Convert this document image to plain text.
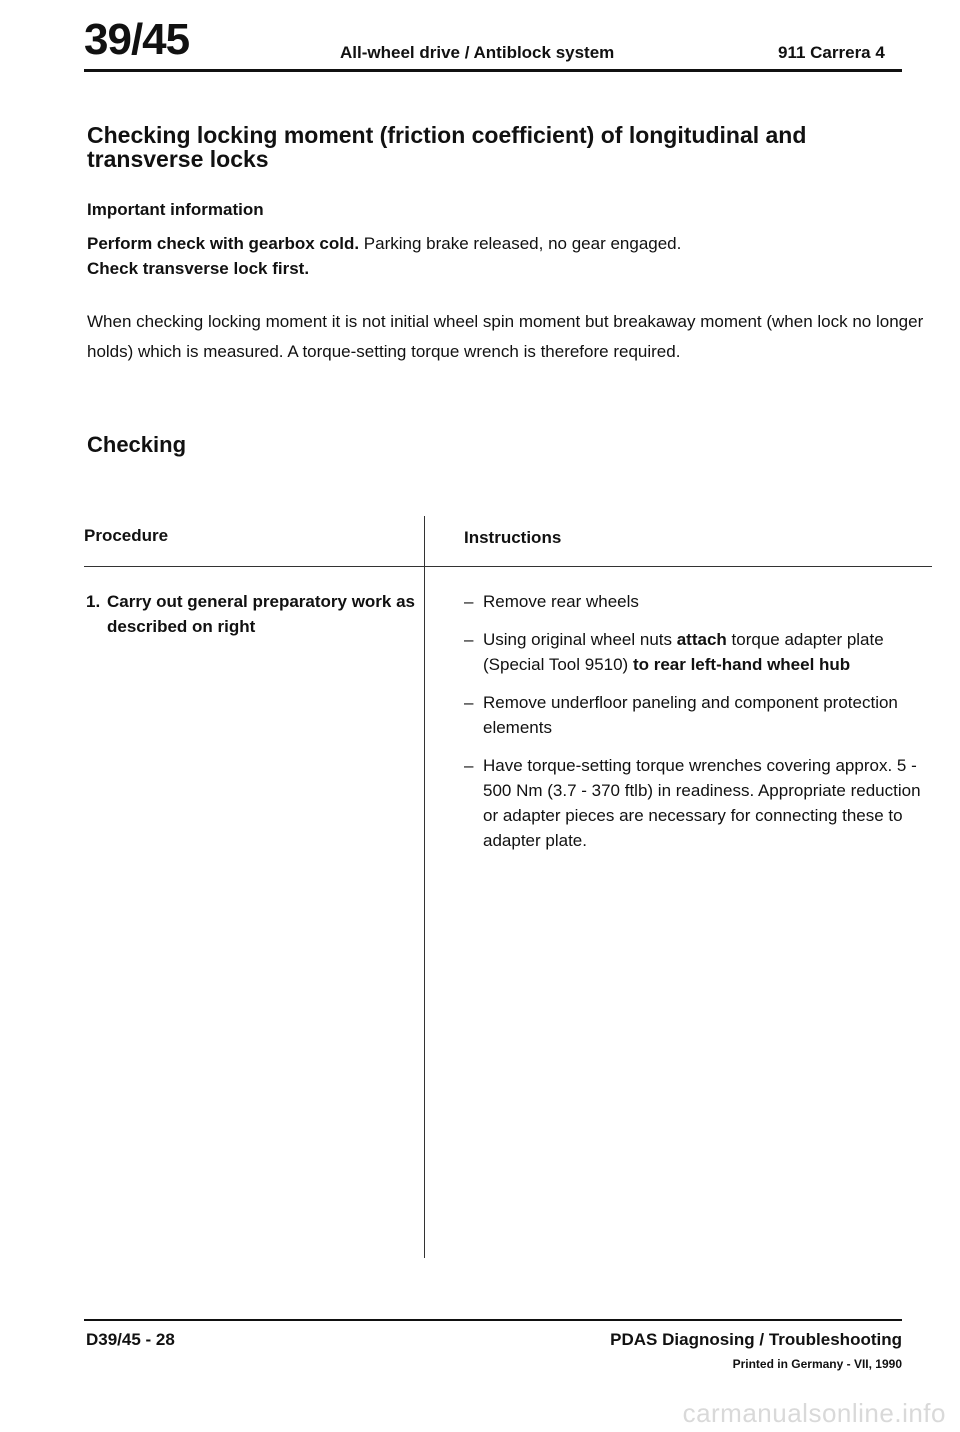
39/45	All-wheel drive / Antiblock system	911 Carrera 4
Checking locking moment (friction coefficient) of longitudinal and transverse locks
Important information
Perform check with gearbox cold. Parking brake released, no gear engaged.
Check transverse lock first.
When checking locking moment it is not initial wheel spin moment but breakaway moment (when lock no longer holds) which is measured. A torque-setting torque wrench is therefore required.
Checking
Procedure	Instructions
1. Carry out general preparatory work as described on right
– Remove rear wheels
– Using original wheel nuts attach torque adapter plate (Special Tool 9510) to rear left-hand wheel hub
– Remove underfloor paneling and component protection elements
– Have torque-setting torque wrenches covering approx. 5 - 500 Nm (3.7 - 370 ftlb) in readiness. Appropriate reduction or adapter pieces are necessary for connecting these to adapter plate.
D39/45 - 28	PDAS Diagnosing / Troubleshooting
Printed in Germany - VII, 1990
carmanualsonline.info
